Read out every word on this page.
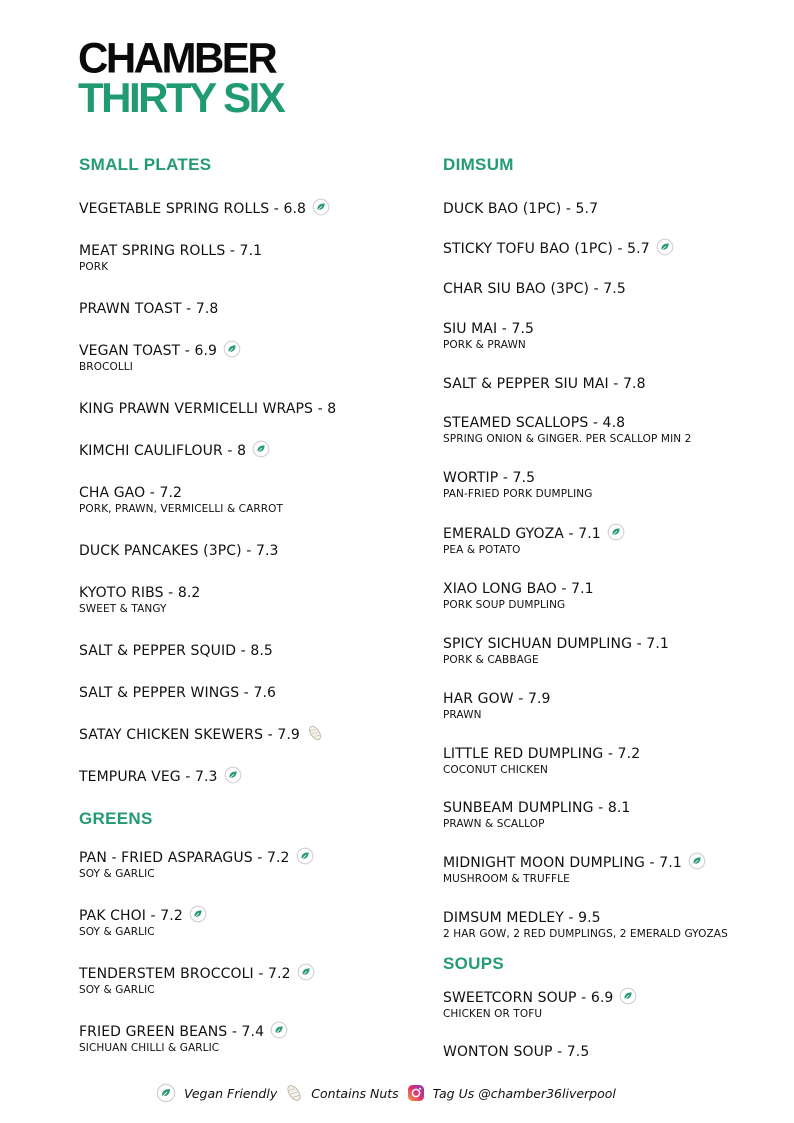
CHAMBER
THIRTY SIX
SMALL PLATES
GREENS
DIMSUM
SOUPS
VEGETABLE SPRING ROLLS - 6.8
MEAT SPRING ROLLS - 7.1
PORK
PRAWN TOAST - 7.8
VEGAN TOAST - 6.9
BROCOLLI
KING PRAWN VERMICELLI WRAPS - 8
KIMCHI CAULIFLOUR - 8
CHA GAO - 7.2
PORK, PRAWN, VERMICELLI & CARROT
DUCK PANCAKES (3PC) - 7.3
KYOTO RIBS - 8.2
SWEET & TANGY
SALT & PEPPER SQUID - 8.5
SALT & PEPPER WINGS - 7.6
SATAY CHICKEN SKEWERS - 7.9
TEMPURA VEG - 7.3
PAN - FRIED ASPARAGUS - 7.2
SOY & GARLIC
PAK CHOI - 7.2
SOY & GARLIC
TENDERSTEM BROCCOLI - 7.2
SOY & GARLIC
FRIED GREEN BEANS - 7.4
SICHUAN CHILLI & GARLIC
DUCK BAO (1PC) - 5.7
STICKY TOFU BAO (1PC) - 5.7
CHAR SIU BAO (3PC) - 7.5
SIU MAI - 7.5
PORK & PRAWN
SALT & PEPPER SIU MAI - 7.8
STEAMED SCALLOPS - 4.8
SPRING ONION & GINGER. PER SCALLOP MIN 2
WORTIP - 7.5
PAN-FRIED PORK DUMPLING
EMERALD GYOZA - 7.1
PEA & POTATO
XIAO LONG BAO - 7.1
PORK SOUP DUMPLING
SPICY SICHUAN DUMPLING - 7.1
PORK & CABBAGE
HAR GOW - 7.9
PRAWN
LITTLE RED DUMPLING - 7.2
COCONUT CHICKEN
SUNBEAM DUMPLING - 8.1
PRAWN & SCALLOP
MIDNIGHT MOON DUMPLING - 7.1
MUSHROOM & TRUFFLE
DIMSUM MEDLEY - 9.5
2 HAR GOW, 2 RED DUMPLINGS, 2 EMERALD GYOZAS
SWEETCORN SOUP - 6.9
CHICKEN OR TOFU
WONTON SOUP - 7.5
Vegan Friendly	Contains Nuts	Tag Us @chamber36liverpool
